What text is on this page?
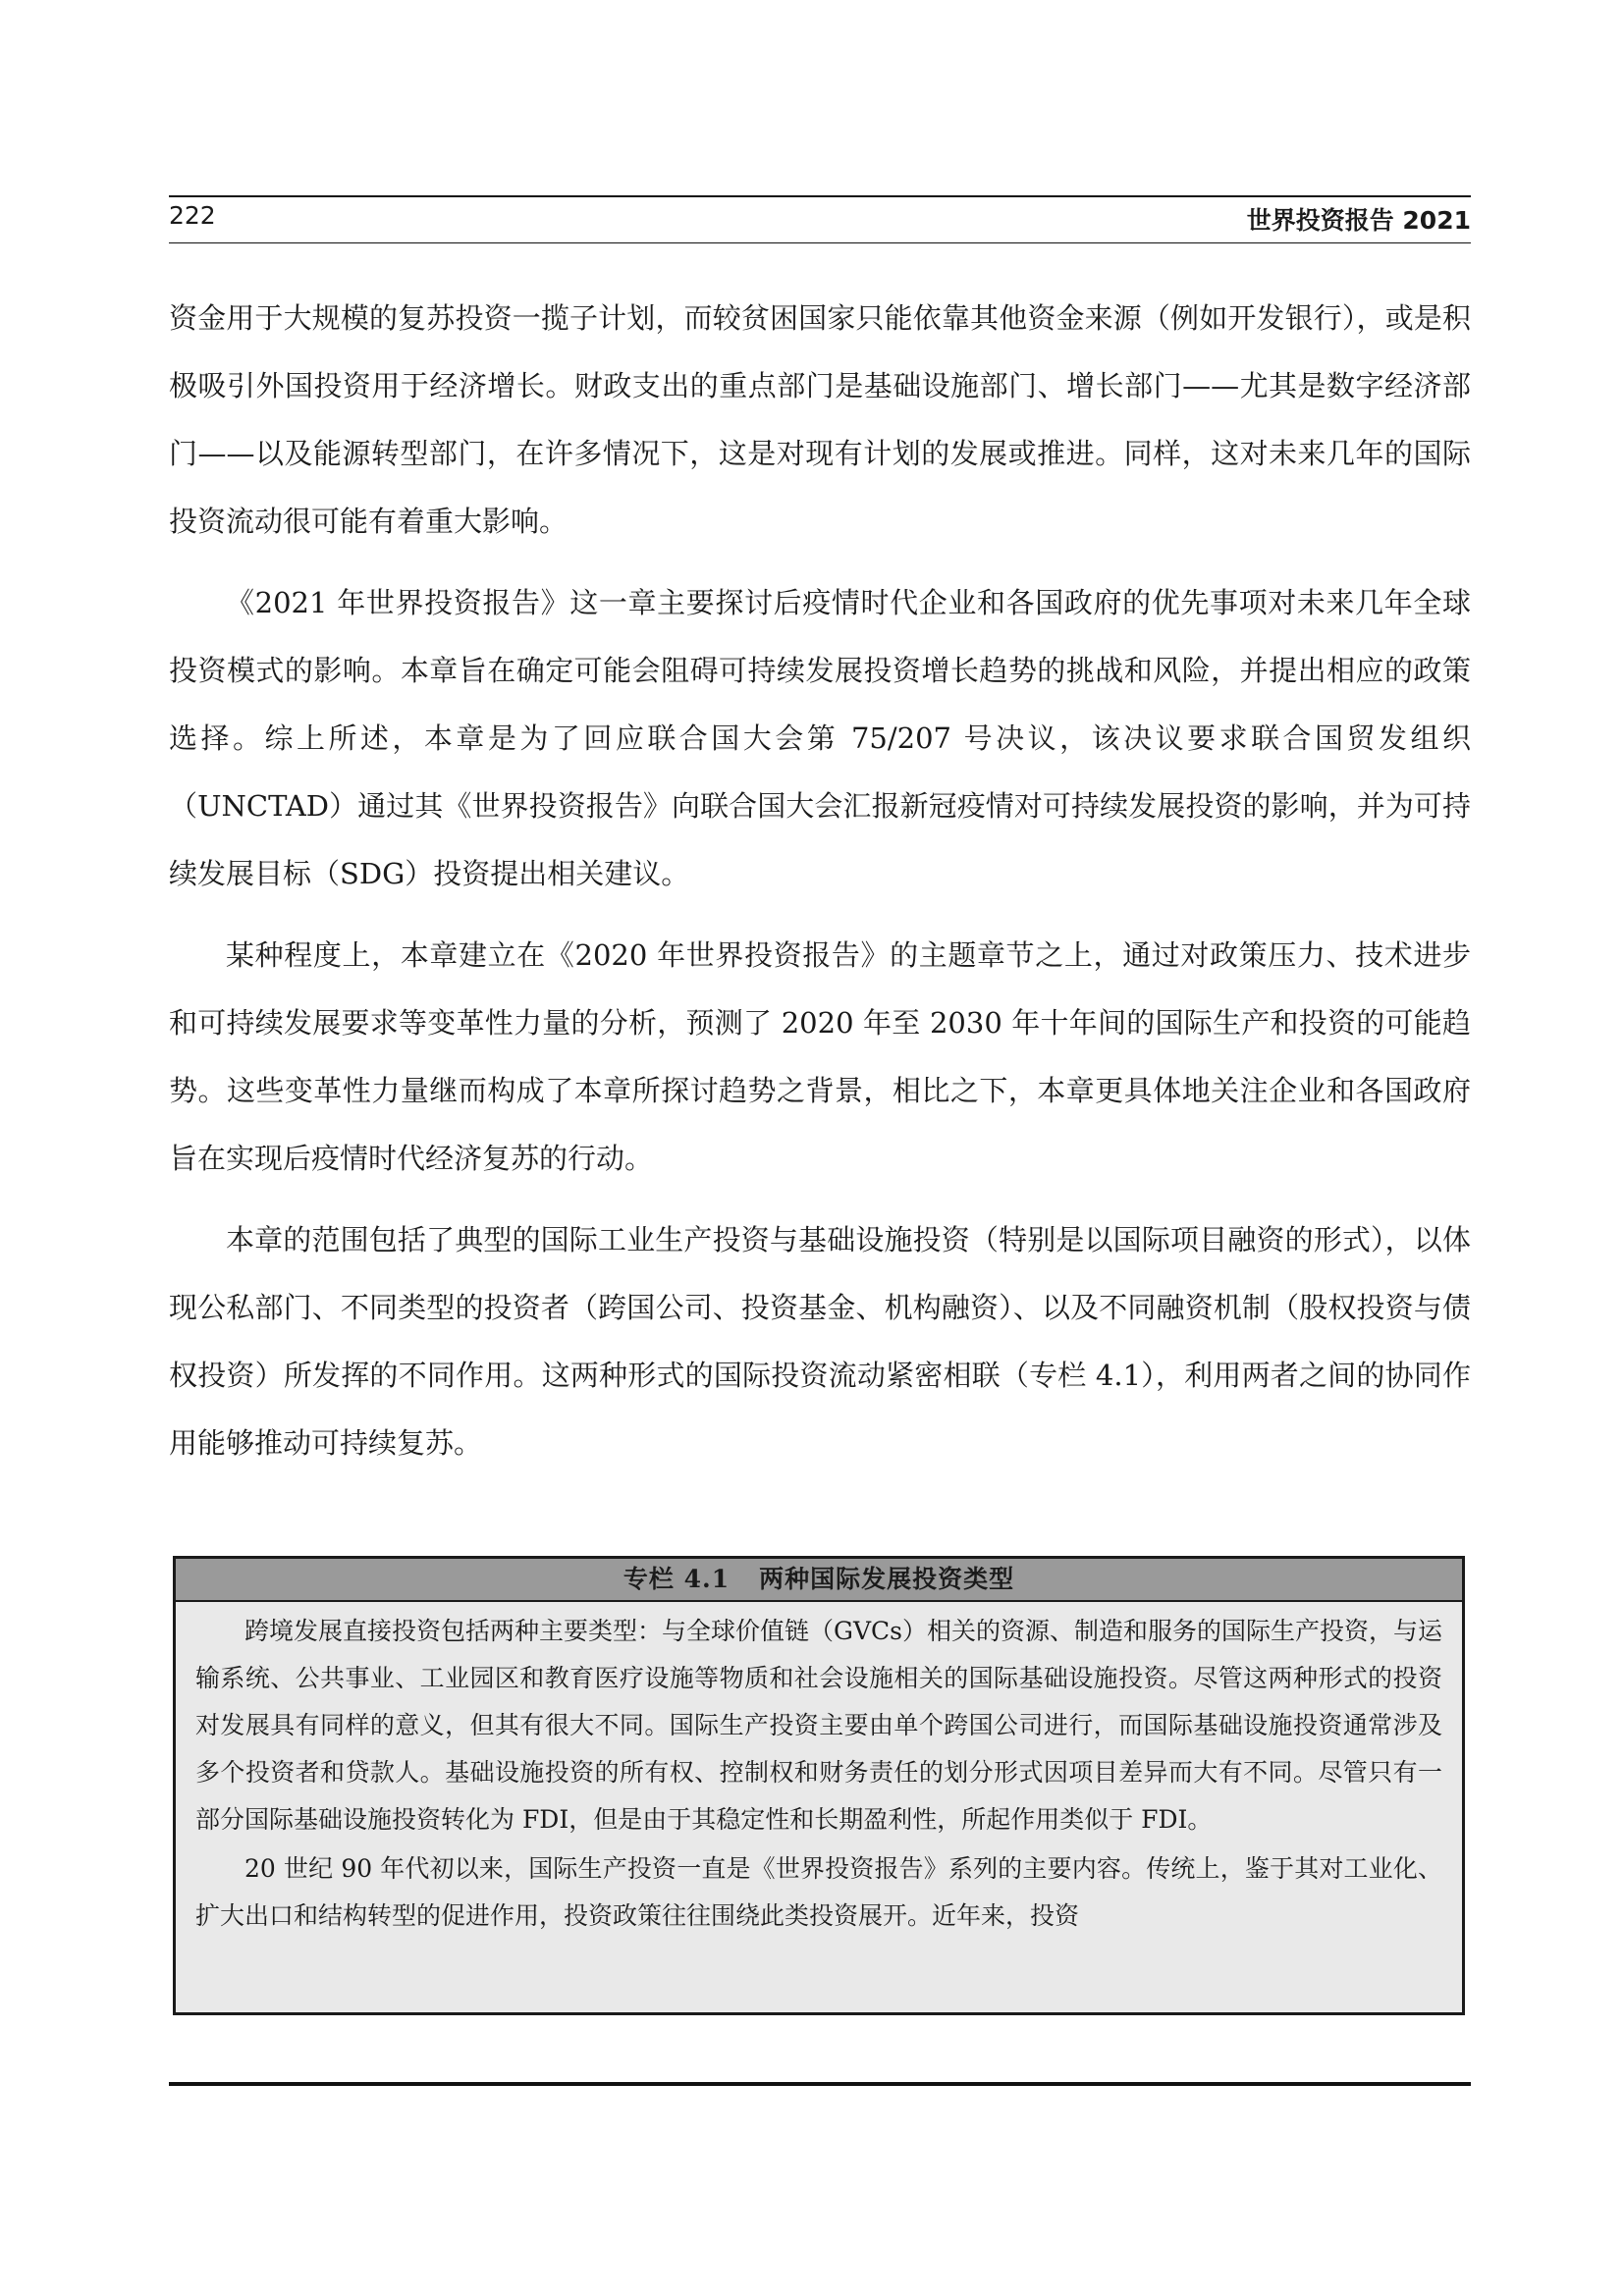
222	世界投资报告 2021

资金用于大规模的复苏投资一揽子计划，而较贫困国家只能依靠其他资金来源（例如开发银行），或是积极吸引外国投资用于经济增长。财政支出的重点部门是基础设施部门、增长部门——尤其是数字经济部门——以及能源转型部门，在许多情况下，这是对现有计划的发展或推进。同样，这对未来几年的国际投资流动很可能有着重大影响。

《2021 年世界投资报告》这一章主要探讨后疫情时代企业和各国政府的优先事项对未来几年全球投资模式的影响。本章旨在确定可能会阻碍可持续发展投资增长趋势的挑战和风险，并提出相应的政策选择。综上所述，本章是为了回应联合国大会第 75/207 号决议，该决议要求联合国贸发组织（UNCTAD）通过其《世界投资报告》向联合国大会汇报新冠疫情对可持续发展投资的影响，并为可持续发展目标（SDG）投资提出相关建议。

某种程度上，本章建立在《2020 年世界投资报告》的主题章节之上，通过对政策压力、技术进步和可持续发展要求等变革性力量的分析，预测了 2020 年至 2030 年十年间的国际生产和投资的可能趋势。这些变革性力量继而构成了本章所探讨趋势之背景，相比之下，本章更具体地关注企业和各国政府旨在实现后疫情时代经济复苏的行动。

本章的范围包括了典型的国际工业生产投资与基础设施投资（特别是以国际项目融资的形式），以体现公私部门、不同类型的投资者（跨国公司、投资基金、机构融资）、以及不同融资机制（股权投资与债权投资）所发挥的不同作用。这两种形式的国际投资流动紧密相联（专栏 4.1），利用两者之间的协同作用能够推动可持续复苏。

专栏 4.1 两种国际发展投资类型

跨境发展直接投资包括两种主要类型：与全球价值链（GVCs）相关的资源、制造和服务的国际生产投资，与运输系统、公共事业、工业园区和教育医疗设施等物质和社会设施相关的国际基础设施投资。尽管这两种形式的投资对发展具有同样的意义，但其有很大不同。国际生产投资主要由单个跨国公司进行，而国际基础设施投资通常涉及多个投资者和贷款人。基础设施投资的所有权、控制权和财务责任的划分形式因项目差异而大有不同。尽管只有一部分国际基础设施投资转化为 FDI，但是由于其稳定性和长期盈利性，所起作用类似于 FDI。

20 世纪 90 年代初以来，国际生产投资一直是《世界投资报告》系列的主要内容。传统上，鉴于其对工业化、扩大出口和结构转型的促进作用，投资政策往往围绕此类投资展开。近年来，投资
